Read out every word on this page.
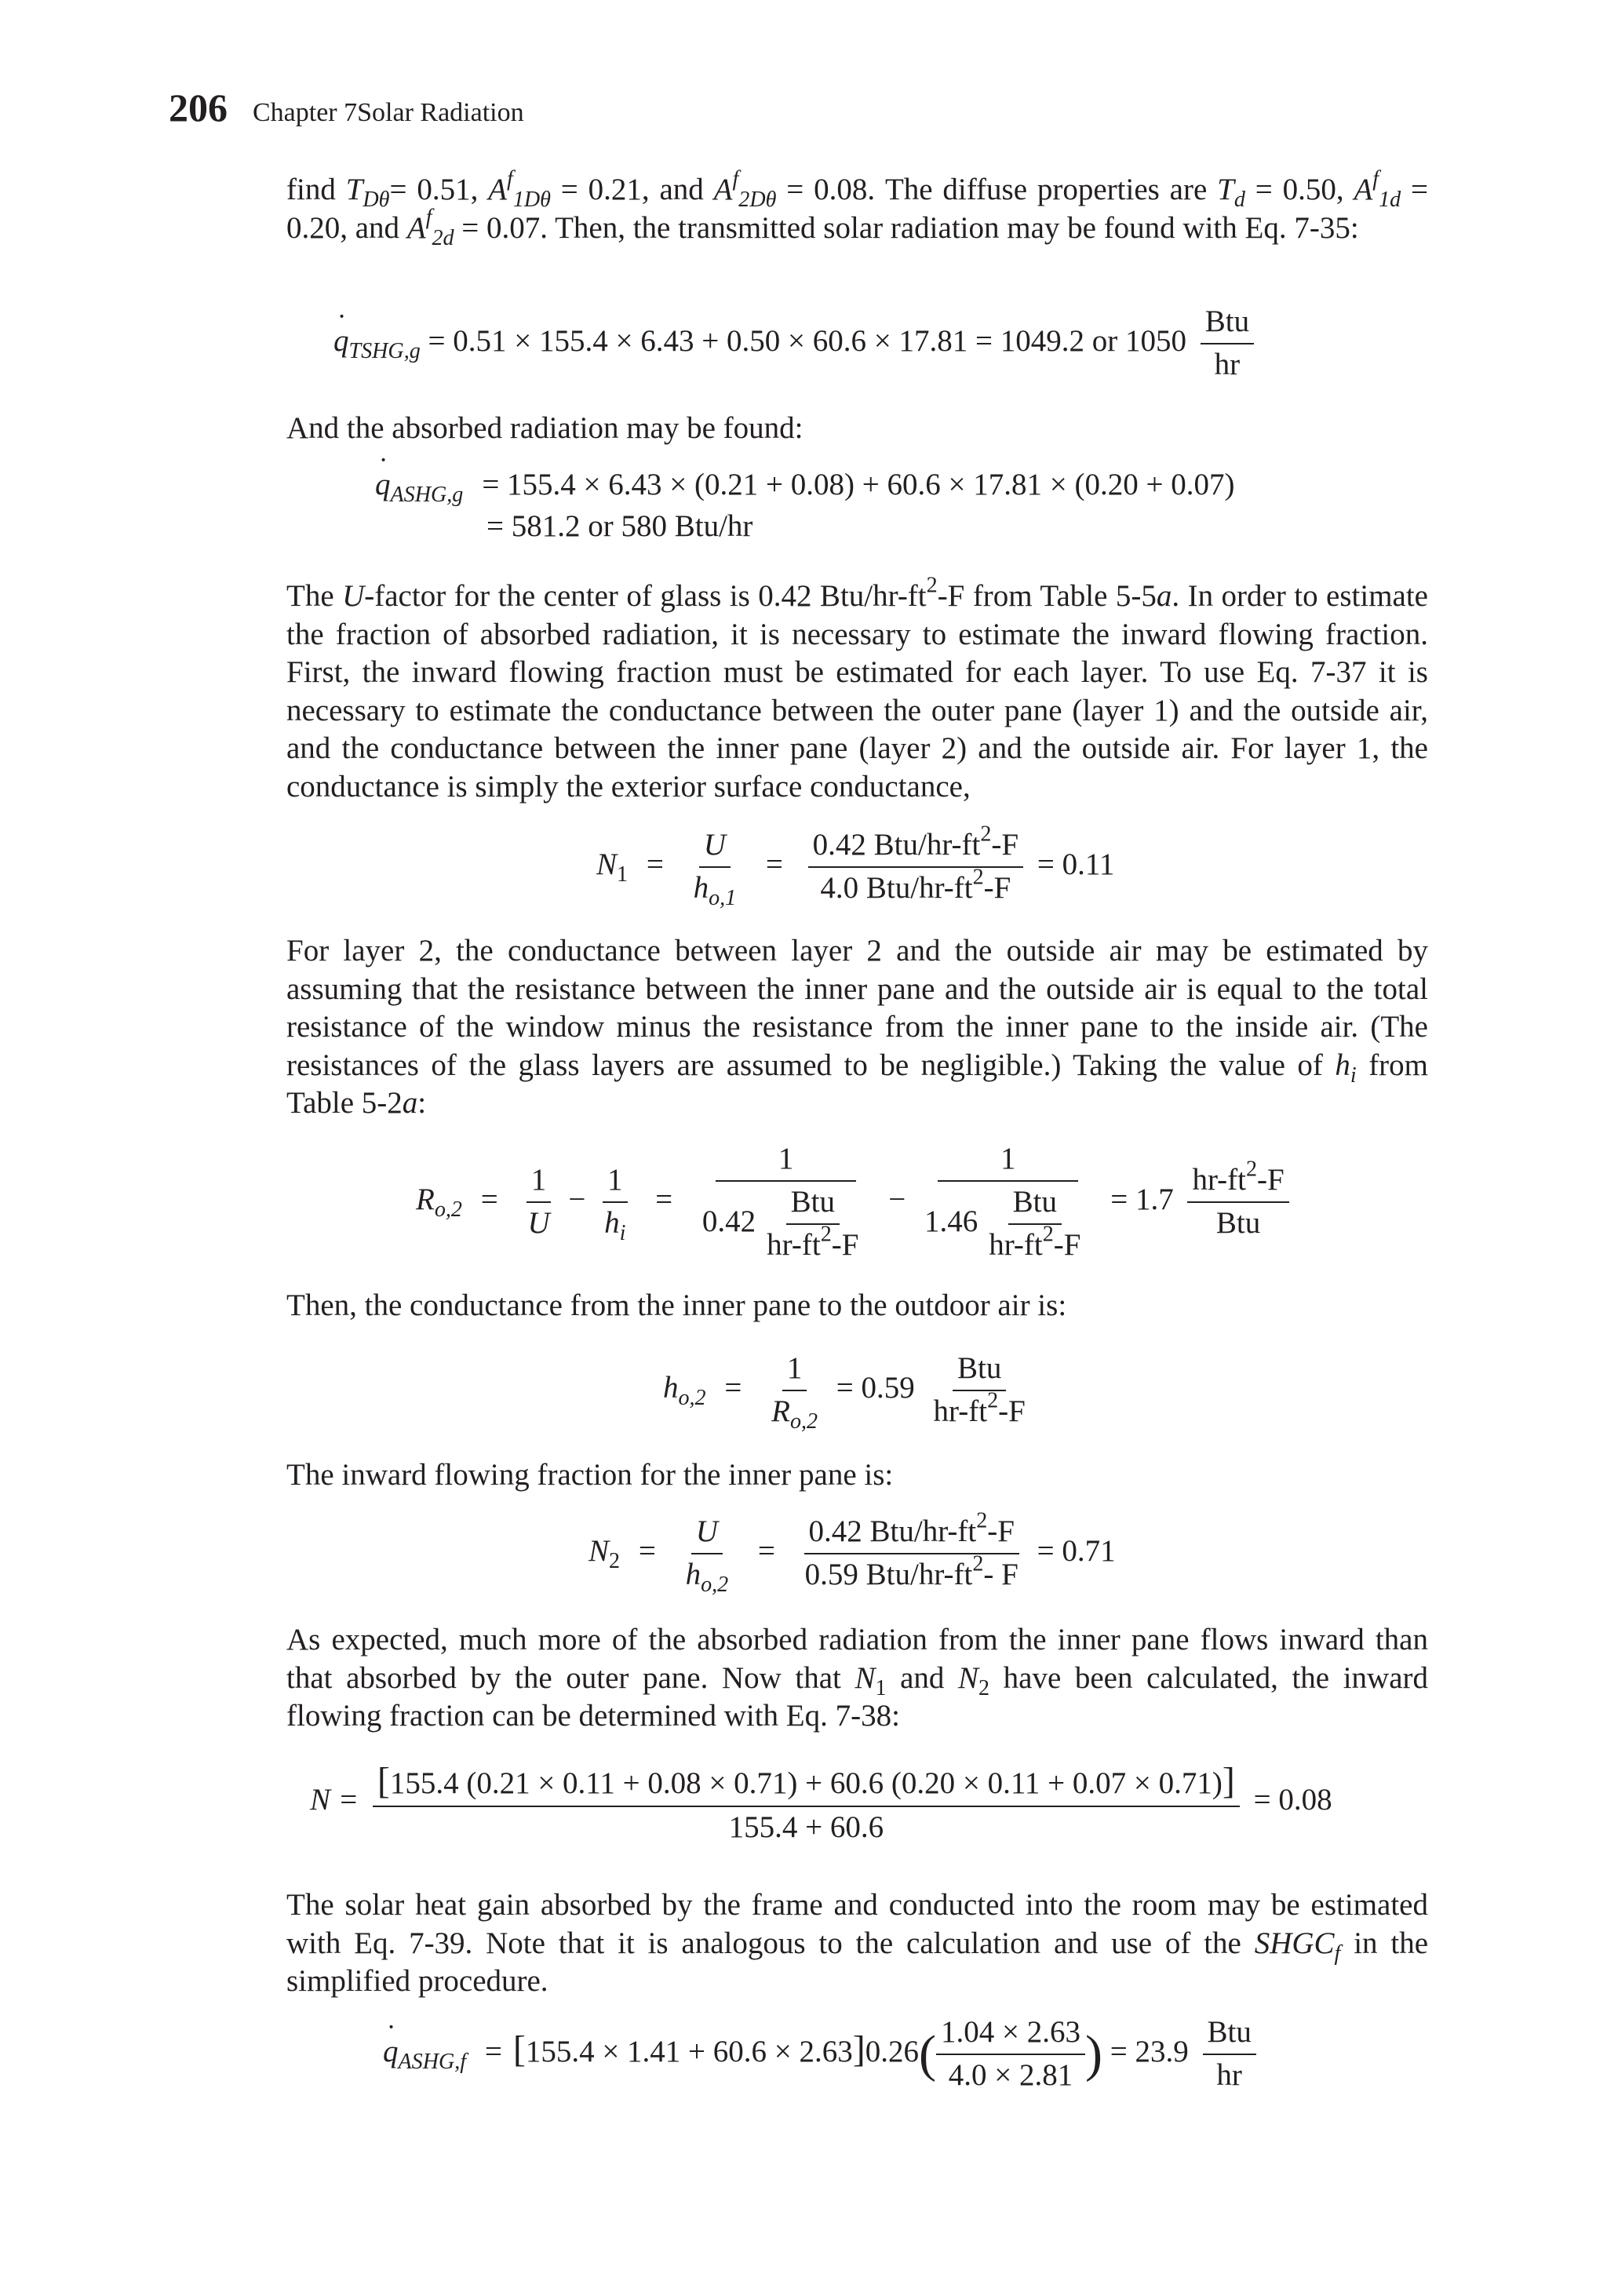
206 Chapter 7Solar Radiation

find $T_{D\theta}= 0.51$, $A^f_{1D\theta} = 0.21$, and $A^f_{2D\theta} = 0.08$. The diffuse properties are $T_d = 0.50$, $A^f_{1d} = 0.20$, and $A^f_{2d} = 0.07$. Then, the transmitted solar radiation may be found with Eq. 7-35:

˙ $q_{TSHG,g} = 0.51 \times 155.4 \times 6.43 + 0.50 \times 60.6 \times 17.81 = 1049.2$ or $1050 \frac{\text{Btu}}{hr}$

And the absorbed radiation may be found:

˙ $q_{ASHG,g} = 155.4 \times 6.43 \times (0.21 + 0.08) + 60.6 \times 17.81 \times (0.20 + 0.07)$
= 581.2 or 580 Btu/hr

The U-factor for the center of glass is 0.42 Btu/$hr-ft^2-F$ from Table 5-5a. In order to estimate the fraction of absorbed radiation, it is necessary to estimate the inward flowing fraction. First, the inward flowing fraction must be estimated for each layer. To use Eq. 7-37 it is necessary to estimate the conductance between the outer pane (layer 1) and the outside air, and the conductance between the inner pane (layer 2) and the outside air. For layer 1, the conductance is simply the exterior surface conductance,

$N_1 = \frac{U}{h_{o,1}} = \frac{0.42 Btu/hr-ft^2-F}{4.0 Btu/hr-ft^2-F} = 0.11$

For layer 2, the conductance between layer 2 and the outside air may be estimated by assuming that the resistance between the inner pane and the outside air is equal to the total resistance of the window minus the resistance from the inner pane to the inside air. (The resistances of the glass layers are assumed to be negligible.) Taking the value of $h_i$ from Table 5-2a:

$R_{o,2} = \frac{1}{U} - \frac{1}{h_i} = \frac{1}{0.42 \frac{\text{Btu}}{hr-ft^2-F}} - \frac{1}{1.46 \frac{\text{Btu}}{hr-ft^2-F}} = 1.7 \frac{hr-ft^2-F}{\text{Btu}}$

Then, the conductance from the inner pane to the outdoor air is:

$h_{o,2} = \frac{1}{R_{o,2}} = 0.59 \frac{\text{Btu}}{hr-ft^2-F}$

The inward flowing fraction for the inner pane is:

$N_2 = \frac{U}{h_{o,2}} = \frac{0.42 Btu/hr-ft^2-F}{0.59 Btu/hr-ft^2- F} = 0.71$

As expected, much more of the absorbed radiation from the inner pane flows inward than that absorbed by the outer pane. Now that $N_1$ and $N_2$ have been calculated, the inward flowing fraction can be determined with Eq. 7-38:

N = [155.4 (0.21 × 0.11 + 0.08 × 0.71) + 60.6 (0.20 × 0.11 + 0.07 × 0.71)]
155.4 + 60.6
= 0.08

The solar heat gain absorbed by the frame and conducted into the room may be estimated with Eq. 7-39. Note that it is analogous to the calculation and use of the $SHGC_f$ in the simplified procedure.

˙ $q_{ASHG,f} = [155.4 \times 1.41 + 60.6 \times 2.63]0.26( \frac{1.04 \times 2.63}{4.0 \times 2.81}$ ) = $23.9 \frac{\text{Btu}}{hr}$
